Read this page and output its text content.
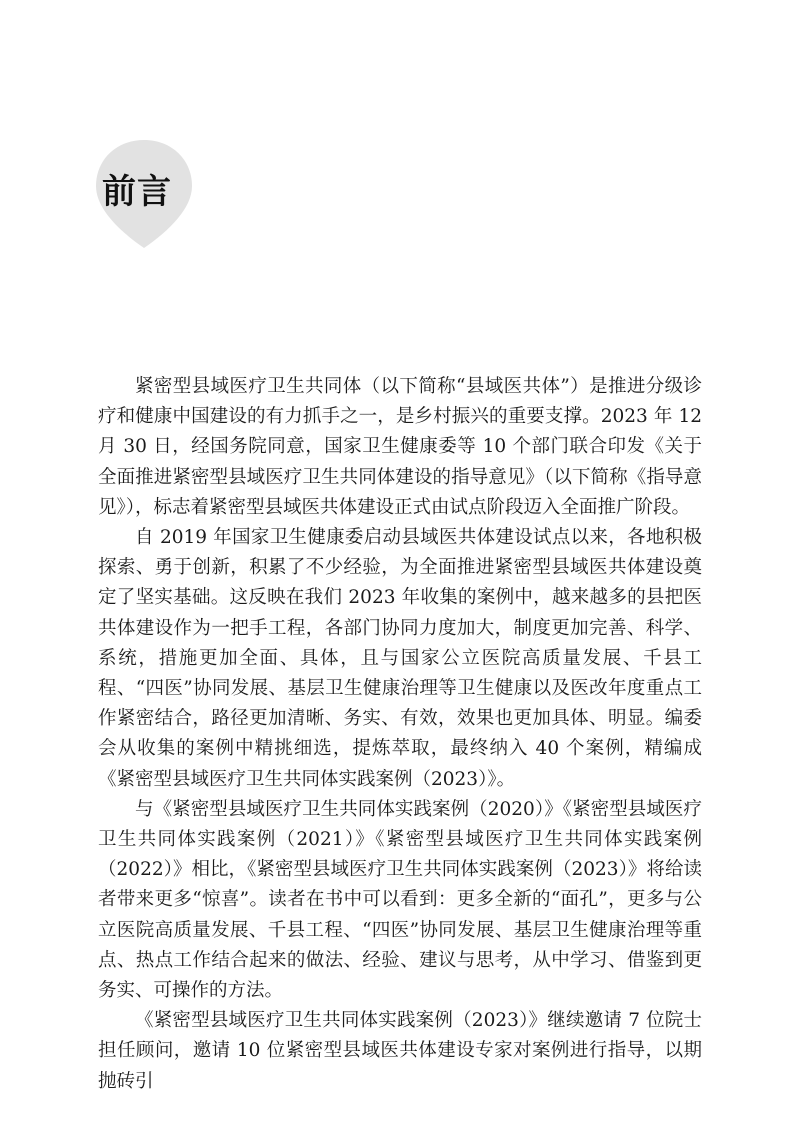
前言

紧密型县域医疗卫生共同体（以下简称“县域医共体”）是推进分级诊疗和健康中国建设的有力抓手之一，是乡村振兴的重要支撑。2023 年 12 月 30 日，经国务院同意，国家卫生健康委等 10 个部门联合印发《关于全面推进紧密型县域医疗卫生共同体建设的指导意见》（以下简称《指导意见》），标志着紧密型县域医共体建设正式由试点阶段迈入全面推广阶段。

自 2019 年国家卫生健康委启动县域医共体建设试点以来，各地积极探索、勇于创新，积累了不少经验，为全面推进紧密型县域医共体建设奠定了坚实基础。这反映在我们 2023 年收集的案例中，越来越多的县把医共体建设作为一把手工程，各部门协同力度加大，制度更加完善、科学、系统，措施更加全面、具体，且与国家公立医院高质量发展、千县工程、“四医”协同发展、基层卫生健康治理等卫生健康以及医改年度重点工作紧密结合，路径更加清晰、务实、有效，效果也更加具体、明显。编委会从收集的案例中精挑细选，提炼萃取，最终纳入 40 个案例，精编成《紧密型县域医疗卫生共同体实践案例（2023）》。

与《紧密型县域医疗卫生共同体实践案例（2020）》《紧密型县域医疗卫生共同体实践案例（2021）》《紧密型县域医疗卫生共同体实践案例（2022）》相比，《紧密型县域医疗卫生共同体实践案例（2023）》将给读者带来更多“惊喜”。读者在书中可以看到：更多全新的“面孔”，更多与公立医院高质量发展、千县工程、“四医”协同发展、基层卫生健康治理等重点、热点工作结合起来的做法、经验、建议与思考，从中学习、借鉴到更务实、可操作的方法。

《紧密型县域医疗卫生共同体实践案例（2023）》继续邀请 7 位院士担任顾问，邀请 10 位紧密型县域医共体建设专家对案例进行指导，以期抛砖引
